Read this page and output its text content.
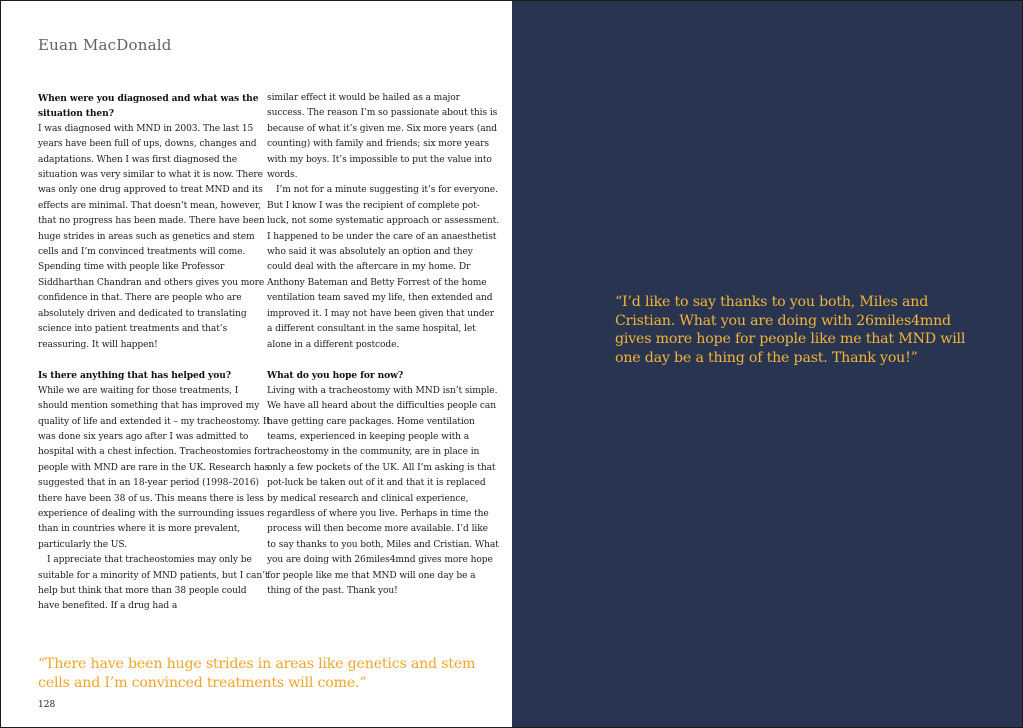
Euan MacDonald
When were you diagnosed and what was the situation then?

I was diagnosed with MND in 2003. The last 15 years have been full of ups, downs, changes and adaptations. When I was first diagnosed the situation was very similar to what it is now. There was only one drug approved to treat MND and its effects are minimal. That doesn’t mean, however, that no progress has been made. There have been huge strides in areas such as genetics and stem cells and I’m convinced treatments will come. Spending time with people like Professor Siddharthan Chandran and others gives you more confidence in that. There are people who are absolutely driven and dedicated to translating science into patient treatments and that’s reassuring. It will happen!

Is there anything that has helped you?

While we are waiting for those treatments, I should mention something that has improved my quality of life and extended it – my tracheostomy. It was done six years ago after I was admitted to hospital with a chest infection. Tracheostomies for people with MND are rare in the UK. Research has suggested that in an 18-year period (1998–2016) there have been 38 of us. This means there is less experience of dealing with the surrounding issues than in countries where it is more prevalent, particularly the US.

I appreciate that tracheostomies may only be suitable for a minority of MND patients, but I can’t help but think that more than 38 people could have benefited. If a drug had a

similar effect it would be hailed as a major success. The reason I’m so passionate about this is because of what it’s given me. Six more years (and counting) with family and friends; six more years with my boys. It’s impossible to put the value into words.

I’m not for a minute suggesting it’s for everyone. But I know I was the recipient of complete pot-luck, not some systematic approach or assessment. I happened to be under the care of an anaesthetist who said it was absolutely an option and they could deal with the aftercare in my home. Dr Anthony Bateman and Betty Forrest of the home ventilation team saved my life, then extended and improved it. I may not have been given that under a different consultant in the same hospital, let alone in a different postcode.

What do you hope for now?

Living with a tracheostomy with MND isn’t simple. We have all heard about the difficulties people can have getting care packages. Home ventilation teams, experienced in keeping people with a tracheostomy in the community, are in place in only a few pockets of the UK. All I’m asking is that pot-luck be taken out of it and that it is replaced by medical research and clinical experience, regardless of where you live. Perhaps in time the process will then become more available. I’d like to say thanks to you both, Miles and Cristian. What you are doing with 26miles4mnd gives more hope for people like me that MND will one day be a thing of the past. Thank you!

“There have been huge strides in areas like genetics and stem cells and I’m convinced treatments will come.”

128

“I’d like to say thanks to you both, Miles and Cristian. What you are doing with 26miles4mnd gives more hope for people like me that MND will one day be a thing of the past. Thank you!”
